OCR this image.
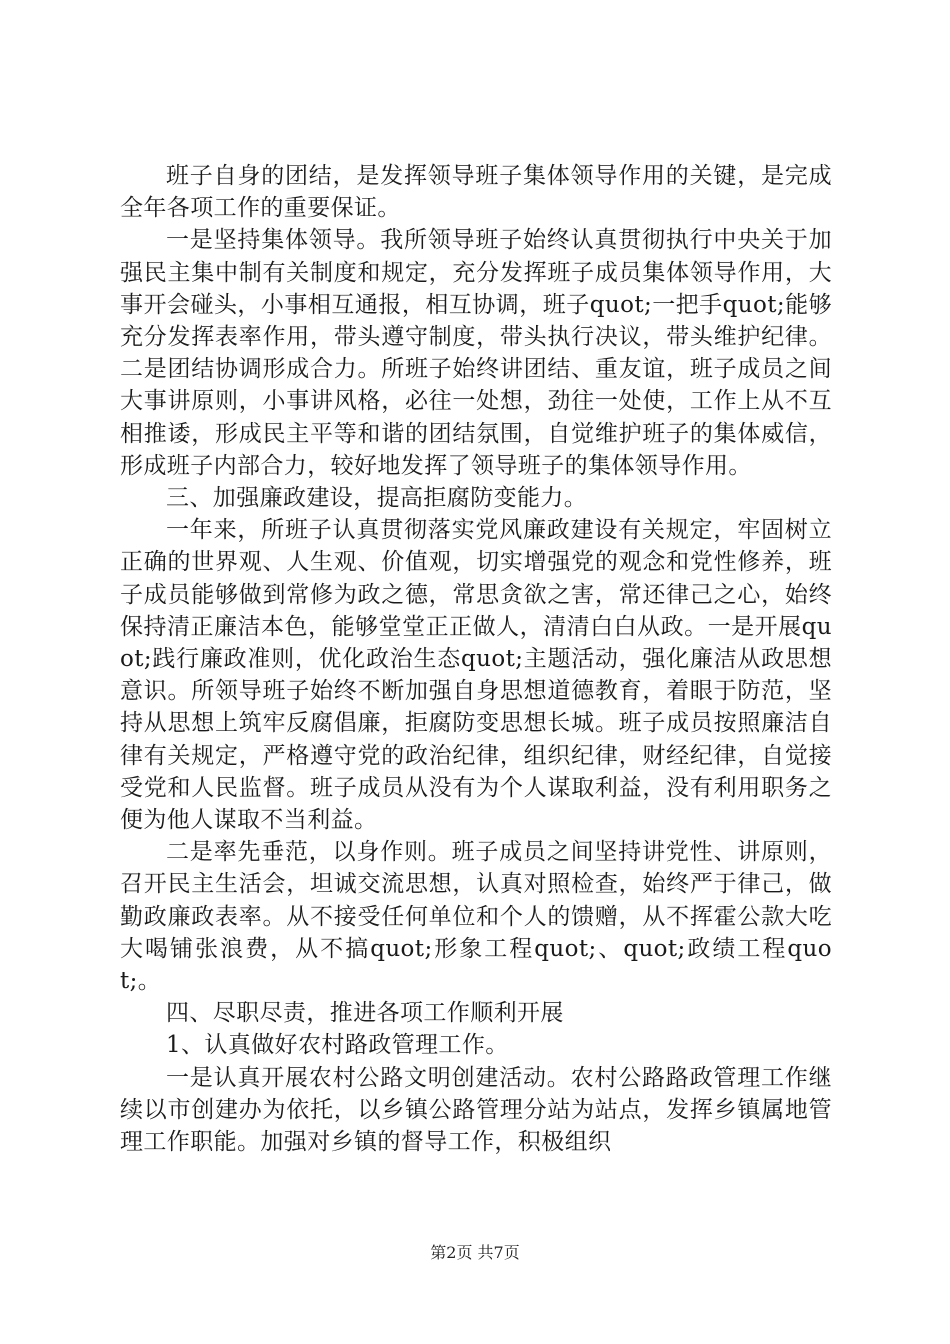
班子自身的团结，是发挥领导班子集体领导作用的关键，是完成全年各项工作的重要保证。

一是坚持集体领导。我所领导班子始终认真贯彻执行中央关于加强民主集中制有关制度和规定，充分发挥班子成员集体领导作用，大事开会碰头，小事相互通报，相互协调，班子quot;一把手quot;能够充分发挥表率作用，带头遵守制度，带头执行决议，带头维护纪律。二是团结协调形成合力。所班子始终讲团结、重友谊，班子成员之间大事讲原则，小事讲风格，必往一处想，劲往一处使，工作上从不互相推诿，形成民主平等和谐的团结氛围，自觉维护班子的集体威信，形成班子内部合力，较好地发挥了领导班子的集体领导作用。

三、加强廉政建设，提高拒腐防变能力。

一年来，所班子认真贯彻落实党风廉政建设有关规定，牢固树立正确的世界观、人生观、价值观，切实增强党的观念和党性修养，班子成员能够做到常修为政之德，常思贪欲之害，常还律己之心，始终保持清正廉洁本色，能够堂堂正正做人，清清白白从政。一是开展quot;践行廉政准则，优化政治生态quot;主题活动，强化廉洁从政思想意识。所领导班子始终不断加强自身思想道德教育，着眼于防范，坚持从思想上筑牢反腐倡廉，拒腐防变思想长城。班子成员按照廉洁自律有关规定，严格遵守党的政治纪律，组织纪律，财经纪律，自觉接受党和人民监督。班子成员从没有为个人谋取利益，没有利用职务之便为他人谋取不当利益。

二是率先垂范，以身作则。班子成员之间坚持讲党性、讲原则，召开民主生活会，坦诚交流思想，认真对照检查，始终严于律己，做勤政廉政表率。从不接受任何单位和个人的馈赠，从不挥霍公款大吃大喝铺张浪费，从不搞quot;形象工程quot;、quot;政绩工程quot;。

四、尽职尽责，推进各项工作顺利开展

1、认真做好农村路政管理工作。

一是认真开展农村公路文明创建活动。农村公路路政管理工作继续以市创建办为依托，以乡镇公路管理分站为站点，发挥乡镇属地管理工作职能。加强对乡镇的督导工作，积极组织

第2页 共7页
